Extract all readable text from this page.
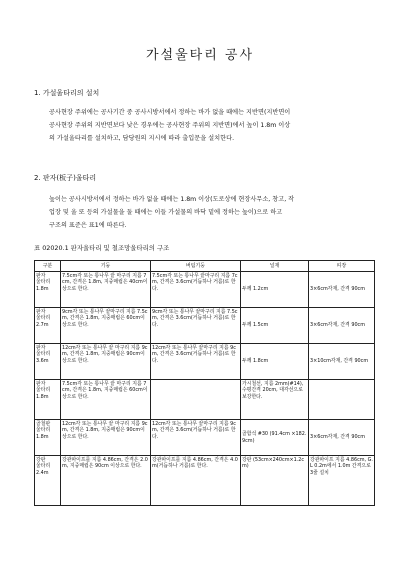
가설울타리 공사
1. 가설울타리의 설치
공사현장 주위에는 공사기간 중 공사시방서에서 정하는 바가 없을 때에는 지반면(지반면이
공사현장 주위의 지반면보다 낮은 경우에는 공사현장 주위의 지반면)에서 높이 1.8m 이상
의 가설울타리를 설치하고, 담당원의 지시에 따라 출입문을 설치한다.
2. 판자(板子)울타리
높이는 공사시방서에서 정하는 바가 없을 때에는 1.8m 이상(도로상에 현장사무소, 창고, 작
업장 및 울 또 등의 가설물을 둘 때에는 이들 가설물의 바닥 밑에 정하는 높이)으로 하고
구조의 표준은 표1에 따른다.
표 02020.1 판자울타리 및 철조망울타리의 구조
구분	기둥	버팀기둥	널재	띠장
판자
울타리
1.8m	7.5cm각 또는 통나무 끝 마구리 지름 7cm, 간격은 1.8m, 지중매립은 40cm이상으로 한다.	7.5cm각 또는 통나무 끝마구리 지름 7cm, 간격은 3.6cm(거듭하나 거름)로 한다.	두께 1.2cm	3×6cm각재, 간격 90cm
판자
울타리
2.7m	9cm각 또는 통나무 끝마구리 지름 7.5cm, 간격은 1.8m, 지중매립은 60cm이상으로 한다.	9cm각 또는 통나무 끝마구리 지름 7.5cm, 간격은 3.6cm(거듭하나 거름)로 한다.	두께 1.5cm	3×6cm각재, 간격 90cm
판자
울타리
3.6m	12cm각 또는 통나무 끝 마구리 지름 9cm, 간격은 1.8m, 지중매립은 90cm이상으로 한다.	12cm각 또는 통나무 끝마구리 지름 9cm, 간격은 3.6cm(거듭하나 거름)로 한다.	두께 1.8cm	3×10cm각재, 간격 90cm
판자
울타리
1.8m	7.5cm각 또는 통나무 끝 마구리 지름 7cm, 간격은 1.8m, 지중매립은 60cm이상으로 한다.		가시철선, 지름 2mm(#14), 수평간격 20cm, 대각선으로 보강한다.	
골철판
울타리
1.8m	12cm각 또는 통나무 끝 마구리 지름 9cm, 간격은 1.8m, 지중매립은 90cm이상으로 한다.	12cm각 또는 통나무 끝마구리 지름 9cm, 간격은 3.6cm(거듭하나 거름)로 한다.	골함석 #30 (91.4cm ×182.9cm)	3×6cm각재, 간격 90cm
강판
울타리
2.4m	강관파이프를 지름 4.86cm, 간격은 2.0m, 지중매립은 90cm 이상으로 한다.	강관파이프를 지름 4.86cm, 간격은 4.0m(거듭하나 거름)로 한다.	강판 (53cm×240cm×1.2cm)	강관파이프 지름 4.86cm, G.L 0.2m에서 1.0m 간격으로 3줄 설치
